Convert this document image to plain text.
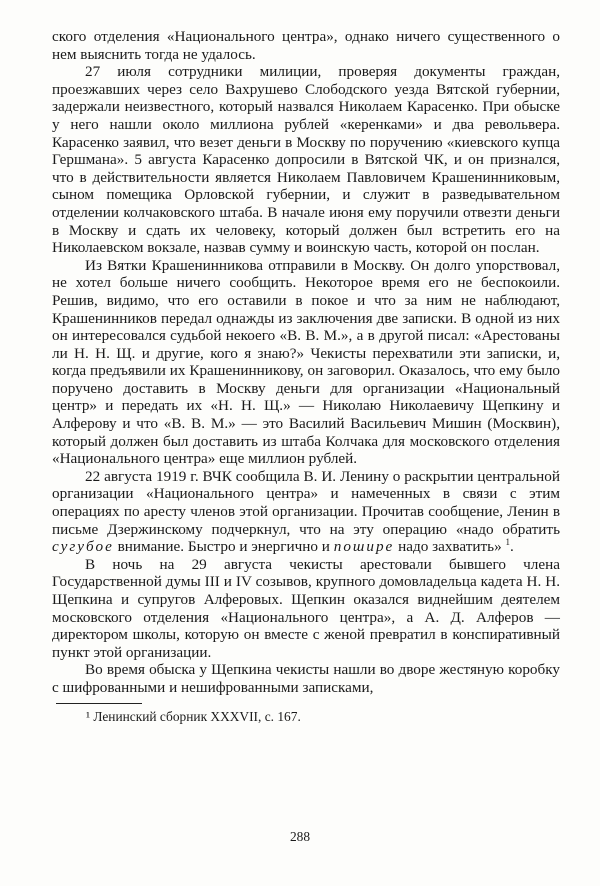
ского отделения «Национального центра», однако ничего существенного о нем выяснить тогда не удалось.

27 июля сотрудники милиции, проверяя документы граждан, проезжавших через село Вахрушево Слободского уезда Вятской губернии, задержали неизвестного, который назвался Николаем Карасенко. При обыске у него нашли около миллиона рублей «керенками» и два револьвера. Карасенко заявил, что везет деньги в Москву по поручению «киевского купца Гершмана». 5 августа Карасенко допросили в Вятской ЧК, и он признался, что в действительности является Николаем Павловичем Крашенинниковым, сыном помещика Орловской губернии, и служит в разведывательном отделении колчаковского штаба. В начале июня ему поручили отвезти деньги в Москву и сдать их человеку, который должен был встретить его на Николаевском вокзале, назвав сумму и воинскую часть, которой он послан.

Из Вятки Крашенинникова отправили в Москву. Он долго упорствовал, не хотел больше ничего сообщить. Некоторое время его не беспокоили. Решив, видимо, что его оставили в покое и что за ним не наблюдают, Крашенинников передал однажды из заключения две записки. В одной из них он интересовался судьбой некоего «В. В. М.», а в другой писал: «Арестованы ли Н. Н. Щ. и другие, кого я знаю?» Чекисты перехватили эти записки, и, когда предъявили их Крашенинникову, он заговорил. Оказалось, что ему было поручено доставить в Москву деньги для организации «Национальный центр» и передать их «Н. Н. Щ.» — Николаю Николаевичу Щепкину и Алферову и что «В. В. М.» — это Василий Васильевич Мишин (Москвин), который должен был доставить из штаба Колчака для московского отделения «Национального центра» еще миллион рублей.

22 августа 1919 г. ВЧК сообщила В. И. Ленину о раскрытии центральной организации «Национального центра» и намеченных в связи с этим операциях по аресту членов этой организации. Прочитав сообщение, Ленин в письме Дзержинскому подчеркнул, что на эту операцию «надо обратить сугубое внимание. Быстро и энергично и пошире надо захватить» $^1$.

В ночь на 29 августа чекисты арестовали бывшего члена Государственной думы III и IV созывов, крупного домовладельца кадета Н. Н. Щепкина и супругов Алферовых. Щепкин оказался виднейшим деятелем московского отделения «Национального центра», а А. Д. Алферов — директором школы, которую он вместе с женой превратил в конспиративный пункт этой организации.

Во время обыска у Щепкина чекисты нашли во дворе жестяную коробку с шифрованными и нешифрованными записками,

¹ Ленинский сборник XXXVII, с. 167.

288
